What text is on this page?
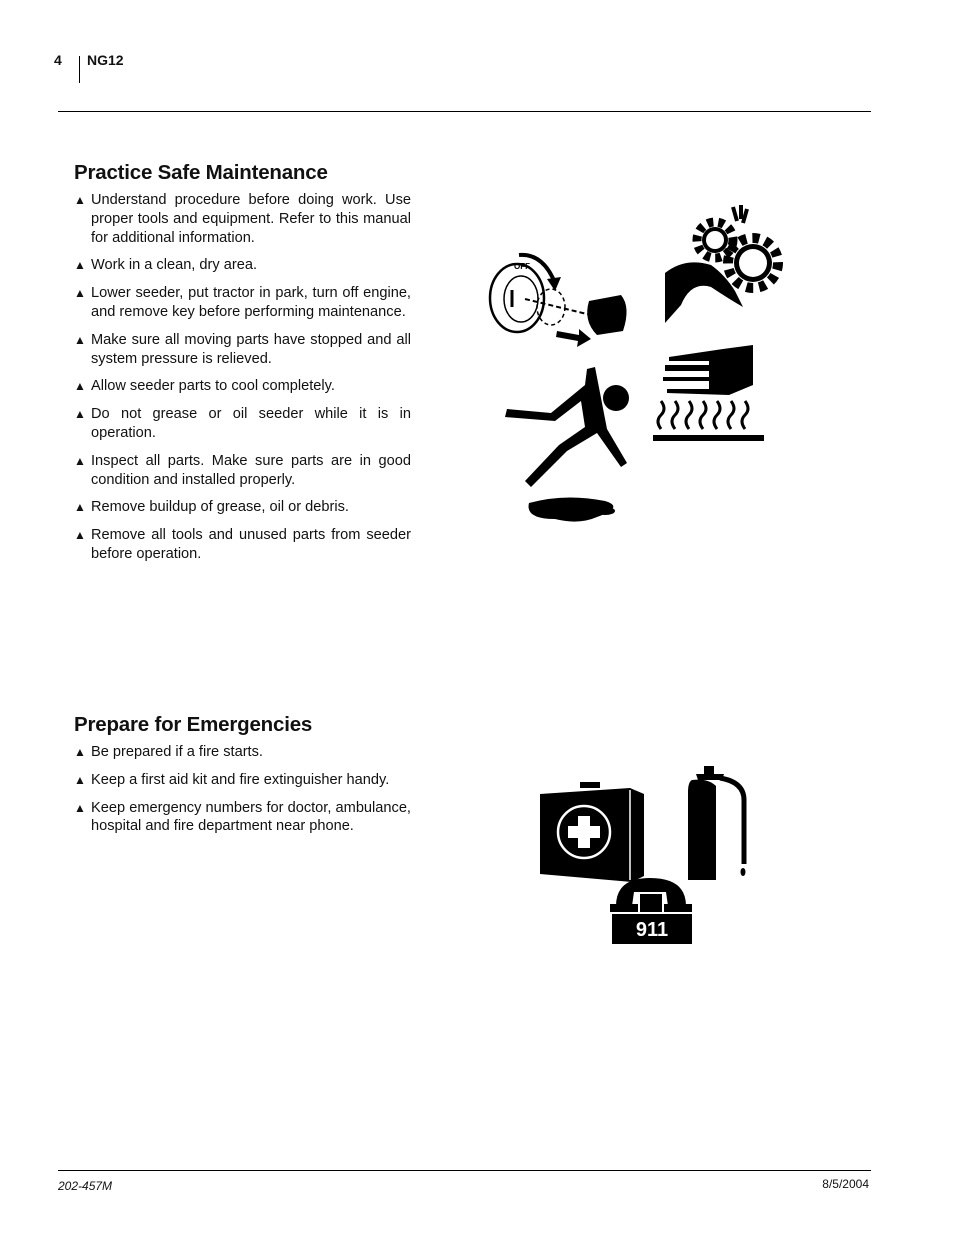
4 NG12
Practice Safe Maintenance
▲ Understand procedure before doing work. Use proper tools and equipment. Refer to this manual for additional information.
▲ Work in a clean, dry area.
▲ Lower seeder, put tractor in park, turn off engine, and remove key before performing maintenance.
▲ Make sure all moving parts have stopped and all system pressure is relieved.
▲ Allow seeder parts to cool completely.
▲ Do not grease or oil seeder while it is in operation.
▲ Inspect all parts. Make sure parts are in good condition and installed properly.
▲ Remove buildup of grease, oil or debris.
▲ Remove all tools and unused parts from seeder before operation.
OFF
Prepare for Emergencies
▲ Be prepared if a fire starts.
▲ Keep a first aid kit and fire extinguisher handy.
▲ Keep emergency numbers for doctor, ambulance, hospital and fire department near phone.
911
202-457M	8/5/2004
